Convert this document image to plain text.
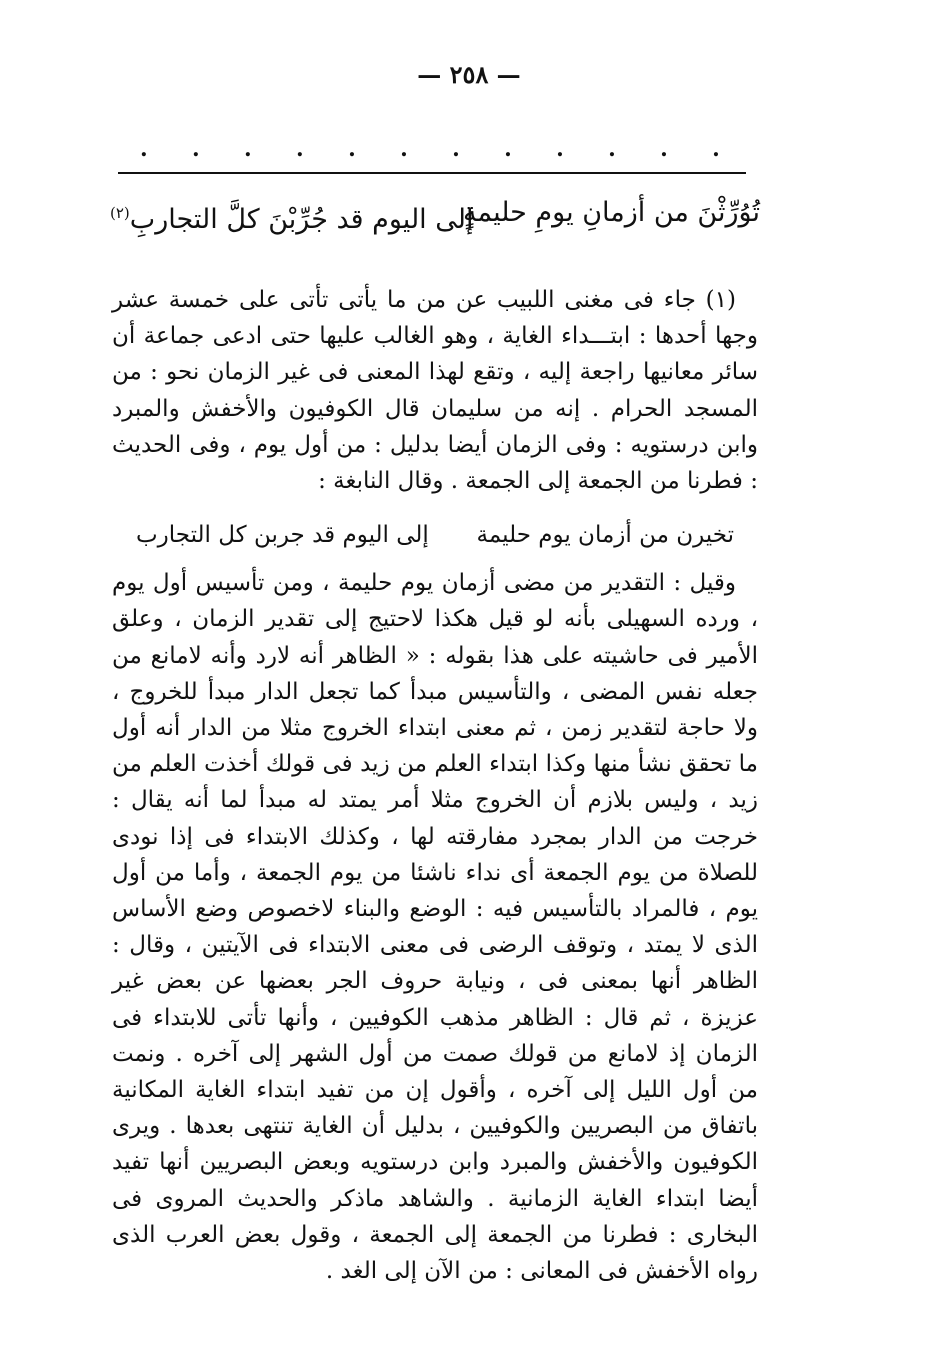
— ٢٥٨ —
. . . . . . . . . . . .
تُوُرِّثْنَ من أزمانِ يومِ حليمةٍ
إلى اليوم قد جُرِّبْنَ كلَّ التجاربِ$^{(٢)}$

(١) جاء فى مغنى اللبيب عن من ما يأتى تأتى على خمسة عشر وجها أحدها : ابتـــداء الغاية ، وهو الغالب عليها حتى ادعى جماعة أن سائر معانيها راجعة إليه ، وتقع لهذا المعنى فى غير الزمان نحو : من المسجد الحرام . إنه من سليمان قال الكوفيون والأخفش والمبرد وابن درستويه : وفى الزمان أيضا بدليل : من أول يوم ، وفى الحديث : فطرنا من الجمعة إلى الجمعة . وقال النابغة :

تخيرن من أزمان يوم حليمة
إلى اليوم قد جربن كل التجارب

وقيل : التقدير من مضى أزمان يوم حليمة ، ومن تأسيس أول يوم ، ورده السهيلى بأنه لو قيل هكذا لاحتيج إلى تقدير الزمان ، وعلق الأمير فى حاشيته على هذا بقوله : « الظاهر أنه لارد وأنه لامانع من جعله نفس المضى ، والتأسيس مبدأ كما تجعل الدار مبدأ للخروج ، ولا حاجة لتقدير زمن ، ثم معنى ابتداء الخروج مثلا من الدار أنه أول ما تحقق نشأ منها وكذا ابتداء العلم من زيد فى قولك أخذت العلم من زيد ، وليس بلازم أن الخروج مثلا أمر يمتد له مبدأ لما أنه يقال : خرجت من الدار بمجرد مفارقته لها ، وكذلك الابتداء فى إذا نودى للصلاة من يوم الجمعة أى نداء ناشئا من يوم الجمعة ، وأما من أول يوم ، فالمراد بالتأسيس فيه : الوضع والبناء لاخصوص وضع الأساس الذى لا يمتد ، وتوقف الرضى فى معنى الابتداء فى الآيتين ، وقال : الظاهر أنها بمعنى فى ، ونيابة حروف الجر بعضها عن بعض غير عزيزة ، ثم قال : الظاهر مذهب الكوفيين ، وأنها تأتى للابتداء فى الزمان إذ لامانع من قولك صمت من أول الشهر إلى آخره . ونمت من أول الليل إلى آخره ، وأقول إن من تفيد ابتداء الغاية المكانية باتفاق من البصريين والكوفيين ، بدليل أن الغاية تنتهى بعدها . ويرى الكوفيون والأخفش والمبرد وابن درستويه وبعض البصريين أنها تفيد أيضا ابتداء الغاية الزمانية . والشاهد ماذكر والحديث المروى فى البخارى : فطرنا من الجمعة إلى الجمعة ، وقول بعض العرب الذى رواه الأخفش فى المعانى : من الآن إلى الغد .
